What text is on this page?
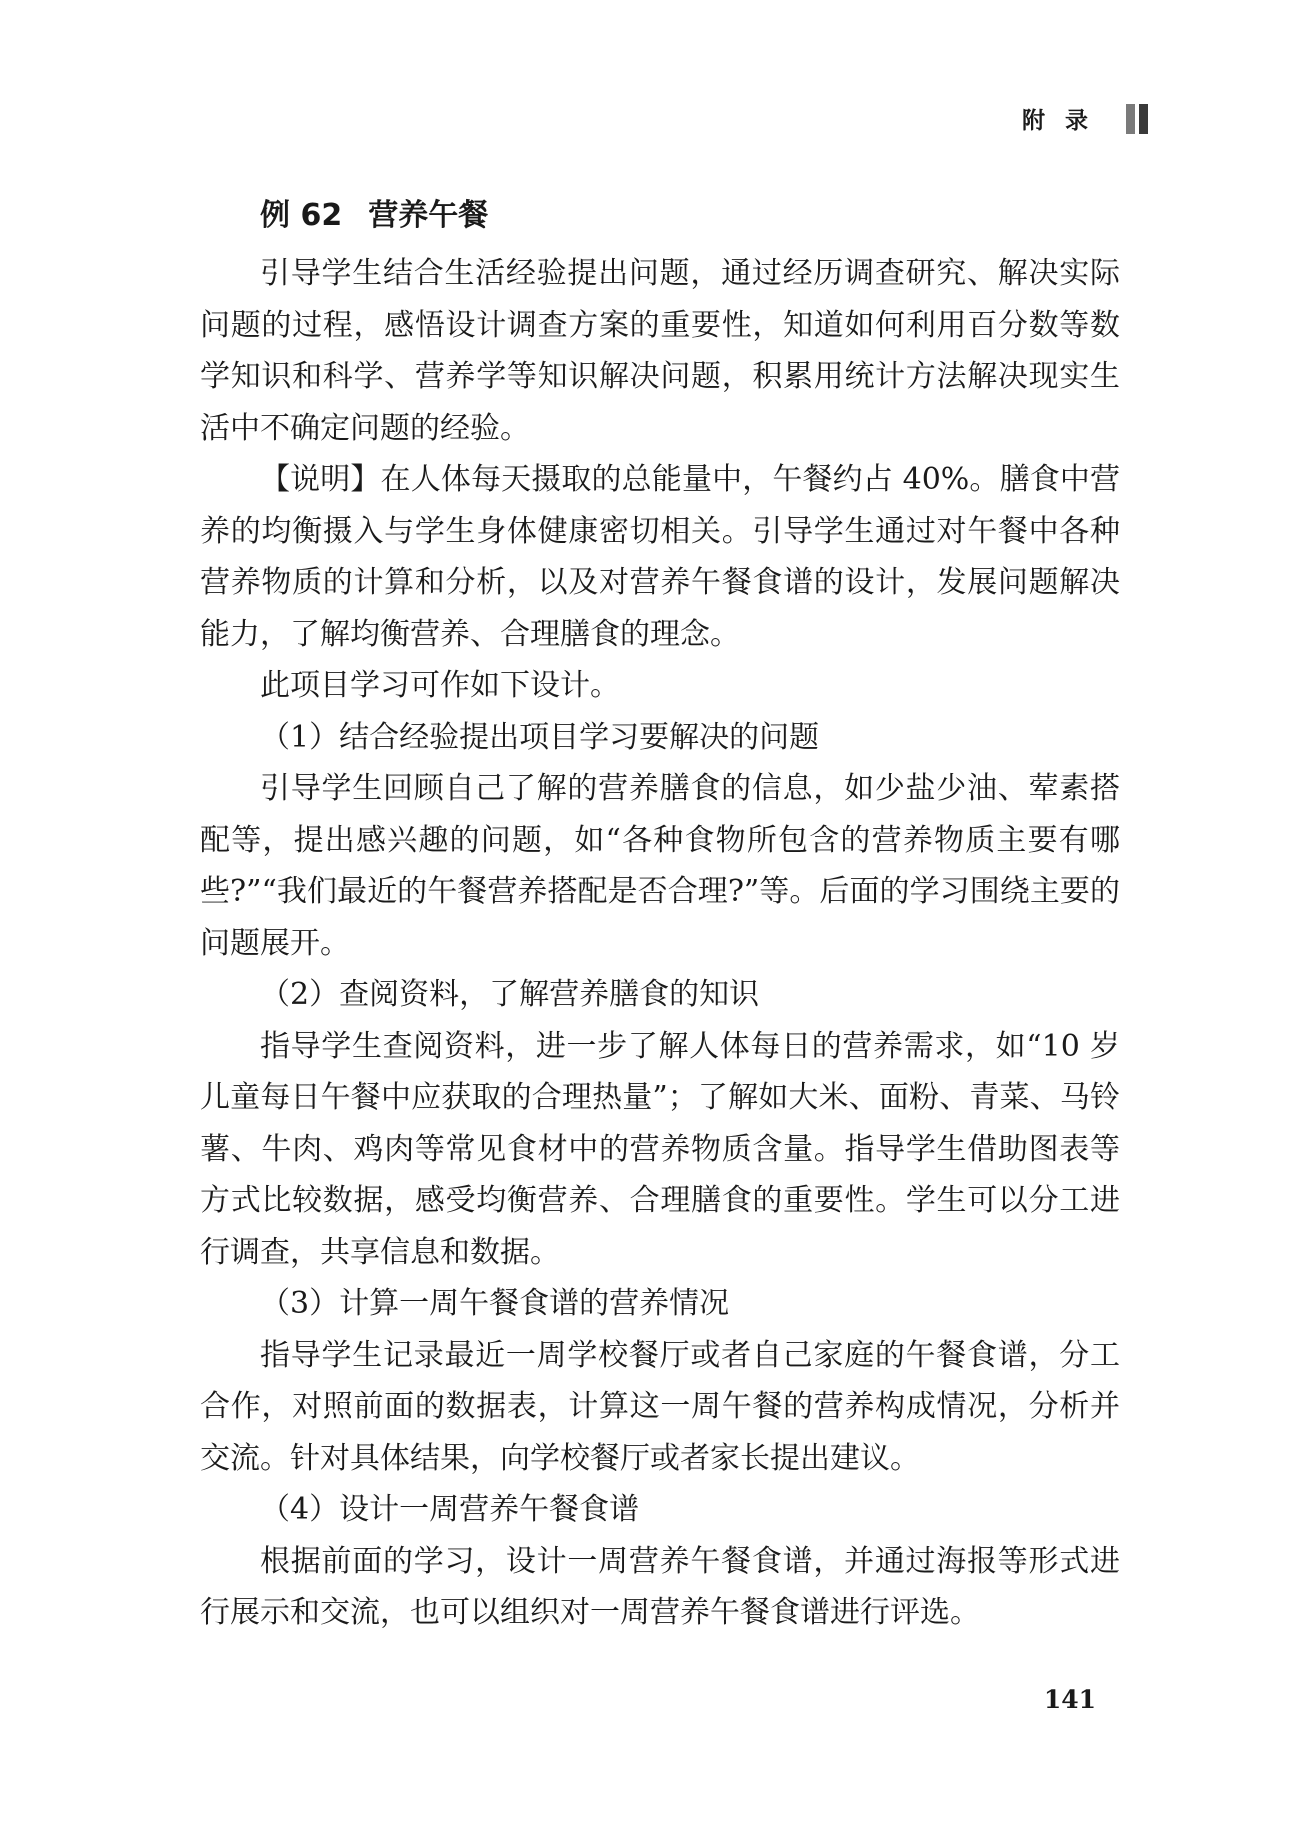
附录
例 62 营养午餐

引导学生结合生活经验提出问题，通过经历调查研究、解决实际问题的过程，感悟设计调查方案的重要性，知道如何利用百分数等数学知识和科学、营养学等知识解决问题，积累用统计方法解决现实生活中不确定问题的经验。

【说明】在人体每天摄取的总能量中，午餐约占 40%。膳食中营养的均衡摄入与学生身体健康密切相关。引导学生通过对午餐中各种营养物质的计算和分析，以及对营养午餐食谱的设计，发展问题解决能力，了解均衡营养、合理膳食的理念。

此项目学习可作如下设计。

（1）结合经验提出项目学习要解决的问题

引导学生回顾自己了解的营养膳食的信息，如少盐少油、荤素搭配等，提出感兴趣的问题，如“各种食物所包含的营养物质主要有哪些?”“我们最近的午餐营养搭配是否合理?”等。后面的学习围绕主要的问题展开。

（2）查阅资料，了解营养膳食的知识

指导学生查阅资料，进一步了解人体每日的营养需求，如“10 岁儿童每日午餐中应获取的合理热量”；了解如大米、面粉、青菜、马铃薯、牛肉、鸡肉等常见食材中的营养物质含量。指导学生借助图表等方式比较数据，感受均衡营养、合理膳食的重要性。学生可以分工进行调查，共享信息和数据。

（3）计算一周午餐食谱的营养情况

指导学生记录最近一周学校餐厅或者自己家庭的午餐食谱，分工合作，对照前面的数据表，计算这一周午餐的营养构成情况，分析并交流。针对具体结果，向学校餐厅或者家长提出建议。

（4）设计一周营养午餐食谱

根据前面的学习，设计一周营养午餐食谱，并通过海报等形式进行展示和交流，也可以组织对一周营养午餐食谱进行评选。

141
